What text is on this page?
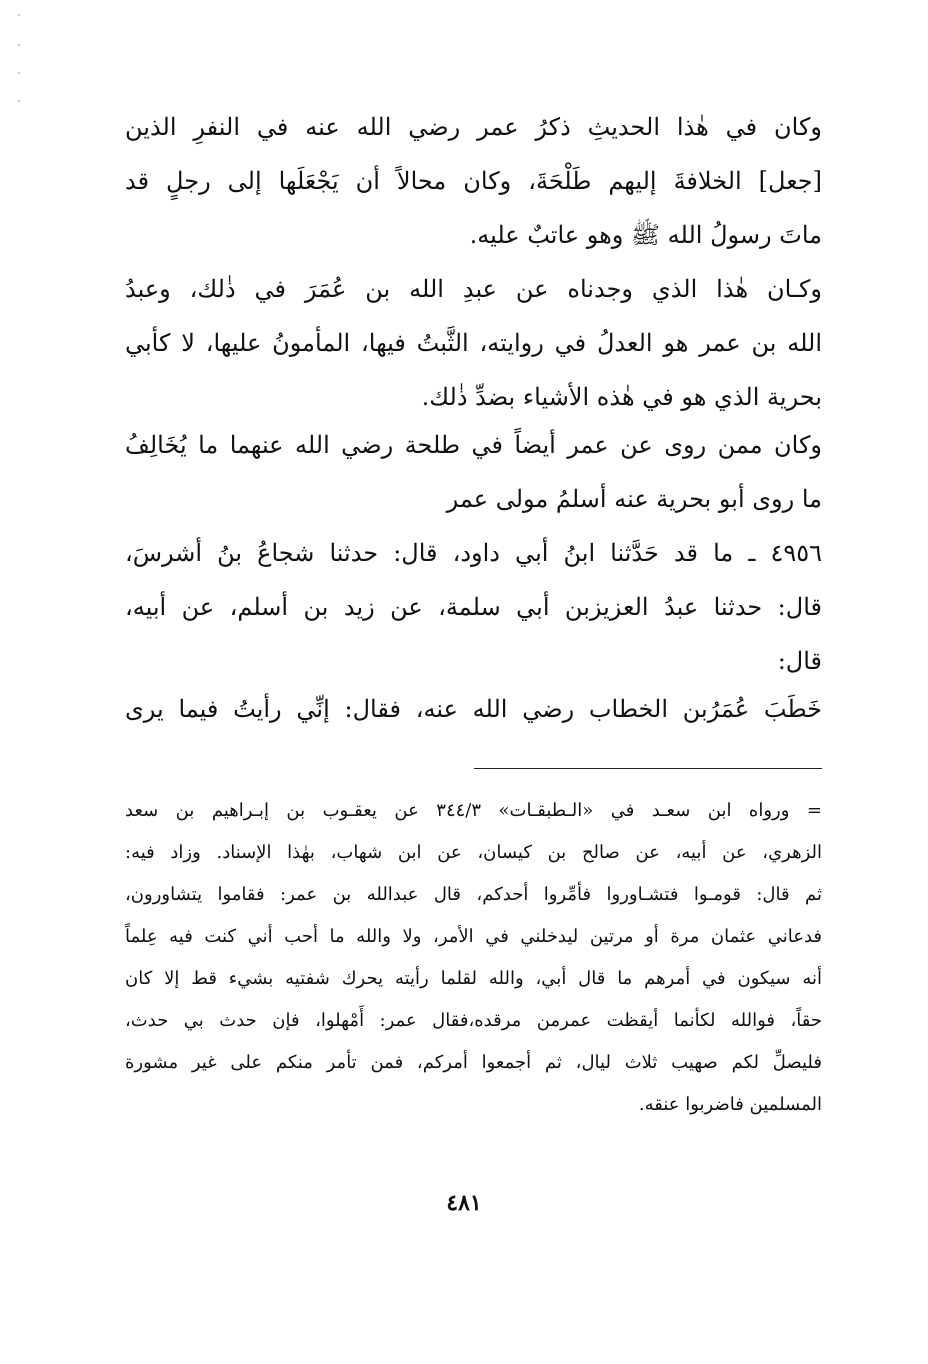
وكان في هٰذا الحديثِ ذكرُ عمر رضي الله عنه في النفرِ الذين
[جعل] الخلافةَ إليهم طَلْحَةَ، وكان محالاً أن يَجْعَلَها إلى رجلٍ قد
ماتَ رسولُ الله ﷺ وهو عاتبٌ عليه.

وكـان هٰذا الذي وجدناه عن عبدِ الله بن عُمَرَ في ذٰلك، وعبدُ
الله بن عمر هو العدلُ في روايته، الثَّبتُ فيها، المأمونُ عليها، لا كأبي
بحرية الذي هو في هٰذه الأشياء بضدِّ ذٰلك.

وكان ممن روى عن عمر أيضاً في طلحة رضي الله عنهما ما يُخَالِفُ
ما روى أبو بحرية عنه أسلمُ مولى عمر

٤٩٥٦ ـ ما قد حَدَّثنا ابنُ أبي داود، قال: حدثنا شجاعُ بنُ أشرسَ،
قال: حدثنا عبدُ العزيزبن أبي سلمة، عن زيد بن أسلم، عن أبيه،
قال:

خَطَبَ عُمَرُبن الخطاب رضي الله عنه، فقال: إنِّي رأيتُ فيما يرى

= ورواه ابن سعـد في «الـطبقـات» ٣٤٤/٣ عن يعقـوب بن إبـراهيم بن سعد
الزهري، عن أبيه، عن صالح بن كيسان، عن ابن شهاب، بهٰذا الإسناد. وزاد فيه:
ثم قال: قومـوا فتشـاوروا فأمِّروا أحدكم، قال عبدالله بن عمر: فقاموا يتشاورون،
فدعاني عثمان مرة أو مرتين ليدخلني في الأمر، ولا والله ما أحب أني كنت فيه عِلماً
أنه سيكون في أمرهم ما قال أبي، والله لقلما رأيته يحرك شفتيه بشيء قط إلا كان
حقاً، فوالله لكأنما أيقظت عمرمن مرقده،فقال عمر: أَمْهلوا، فإن حدث بي حدث،
فليصلِّ لكم صهيب ثلاث ليال، ثم أجمعوا أمركم، فمن تأمر منكم على غير مشورة
المسلمين فاضربوا عنقه.
٤٨١
